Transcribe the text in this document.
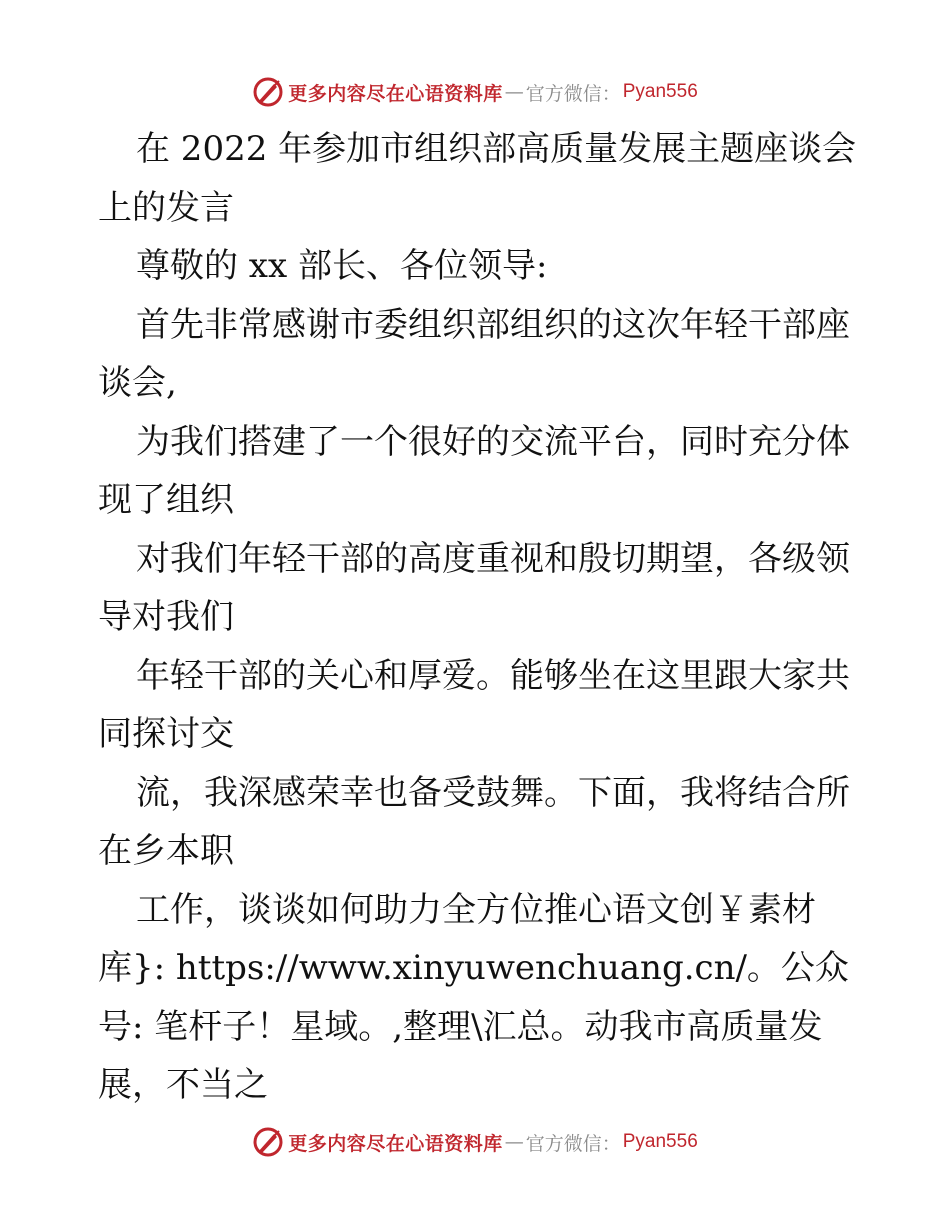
更多内容尽在心语资料库 — 官方微信： Pyan556
在 2022 年参加市组织部高质量发展主题座谈会
上的发言
尊敬的 xx 部长、各位领导:
首先非常感谢市委组织部组织的这次年轻干部座
谈会,
为我们搭建了一个很好的交流平台，同时充分体
现了组织
对我们年轻干部的高度重视和殷切期望，各级领
导对我们
年轻干部的关心和厚爱。能够坐在这里跟大家共
同探讨交
流，我深感荣幸也备受鼓舞。下面，我将结合所
在乡本职
工作，谈谈如何助力全方位推心语文创￥素材
库}: https://www.xinyuwenchuang.cn/。公众
号: 笔杆子！星域。,整理\汇总。动我市高质量发
展，不当之
更多内容尽在心语资料库 — 官方微信： Pyan556
